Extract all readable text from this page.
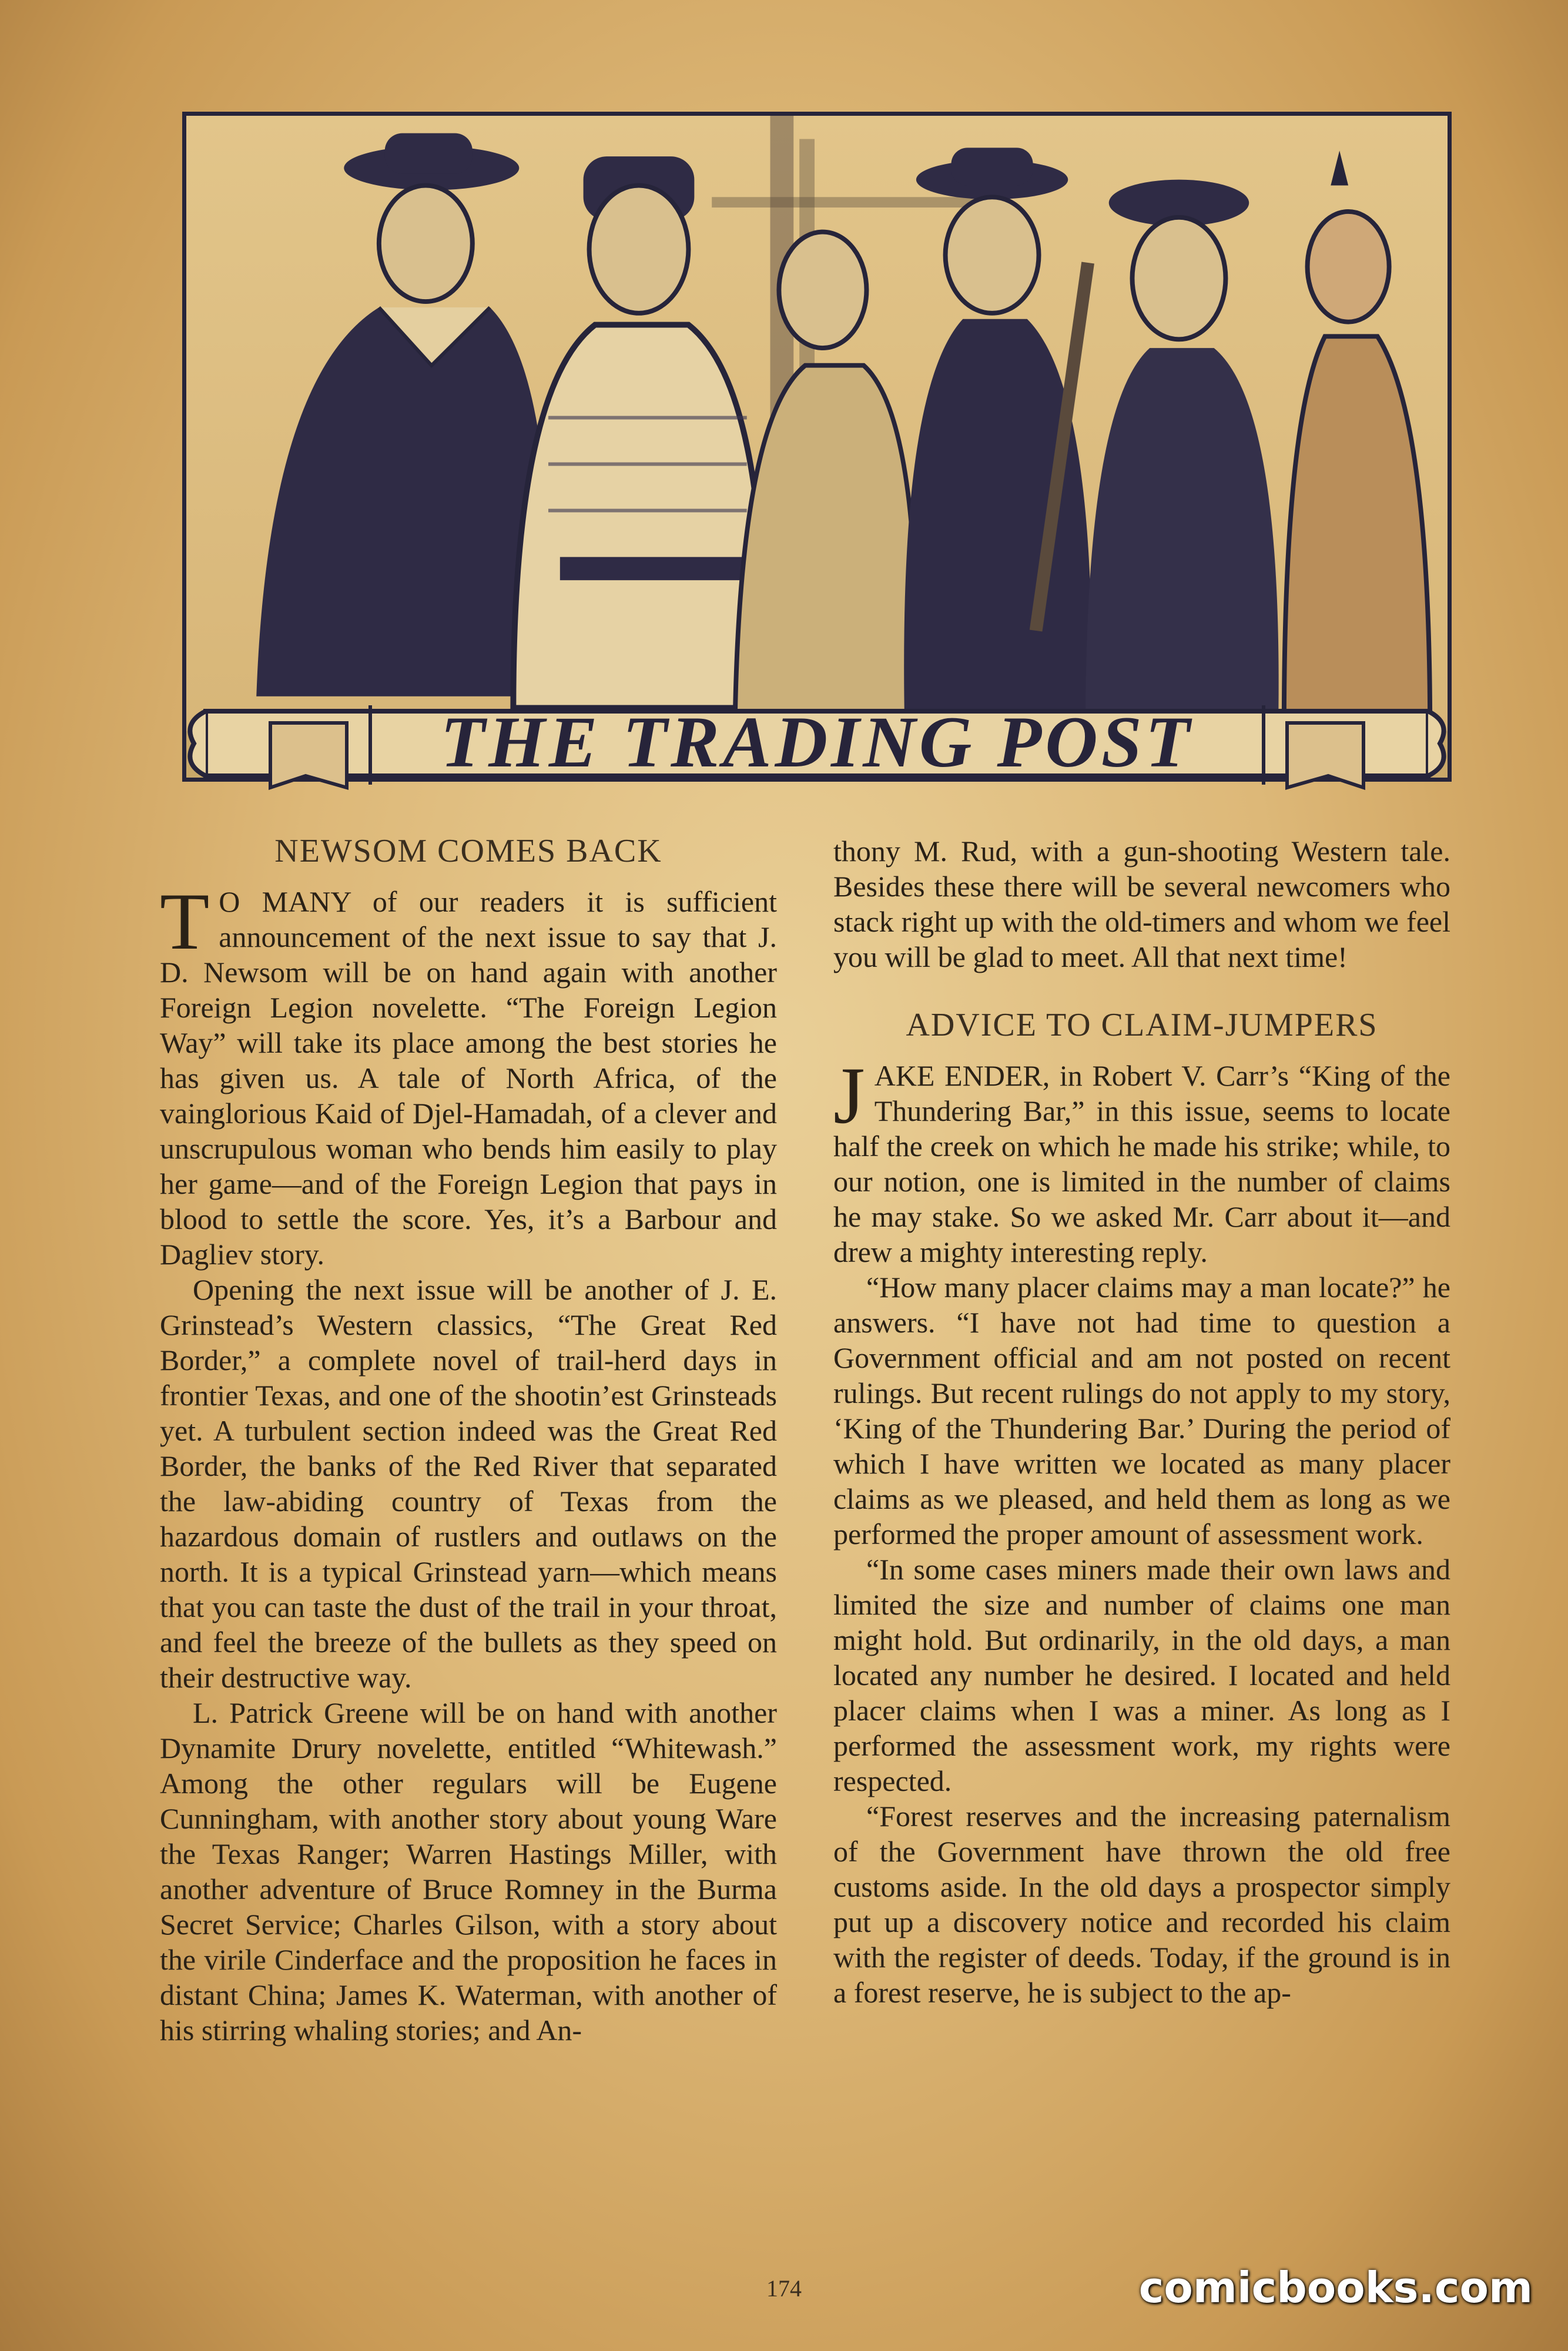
THE TRADING POST
NEWSOM COMES BACK

T O MANY of our readers it is sufficient announcement of the next issue to say that J. D. Newsom will be on hand again with another Foreign Legion novelette. “The Foreign Legion Way” will take its place among the best stories he has given us. A tale of North Africa, of the vainglorious Kaid of Djel-Hamadah, of a clever and unscrupulous woman who bends him easily to play her game—and of the Foreign Legion that pays in blood to settle the score. Yes, it’s a Barbour and Dagliev story.

Opening the next issue will be another of J. E. Grinstead’s Western classics, “The Great Red Border,” a complete novel of trail-herd days in frontier Texas, and one of the shootin’est Grinsteads yet. A turbulent section indeed was the Great Red Border, the banks of the Red River that separated the law-abiding country of Texas from the hazardous domain of rustlers and outlaws on the north. It is a typical Grinstead yarn—which means that you can taste the dust of the trail in your throat, and feel the breeze of the bullets as they speed on their destructive way.

L. Patrick Greene will be on hand with another Dynamite Drury novelette, entitled “Whitewash.” Among the other regulars will be Eugene Cunningham, with another story about young Ware the Texas Ranger; Warren Hastings Miller, with another adventure of Bruce Romney in the Burma Secret Service; Charles Gilson, with a story about the virile Cinderface and the proposition he faces in distant China; James K. Waterman, with another of his stirring whaling stories; and An-

thony M. Rud, with a gun-shooting Western tale. Besides these there will be several newcomers who stack right up with the old-timers and whom we feel you will be glad to meet. All that next time!

ADVICE TO CLAIM-JUMPERS

JAKE ENDER, in Robert V. Carr’s “King of the Thundering Bar,” in this issue, seems to locate half the creek on which he made his strike; while, to our notion, one is limited in the number of claims he may stake. So we asked Mr. Carr about it—and drew a mighty interesting reply.

“How many placer claims may a man locate?” he answers. “I have not had time to question a Government official and am not posted on recent rulings. But recent rulings do not apply to my story, ‘King of the Thundering Bar.’ During the period of which I have written we located as many placer claims as we pleased, and held them as long as we performed the proper amount of assessment work.

“In some cases miners made their own laws and limited the size and number of claims one man might hold. But ordinarily, in the old days, a man located any number he desired. I located and held placer claims when I was a miner. As long as I performed the assessment work, my rights were respected.

“Forest reserves and the increasing paternalism of the Government have thrown the old free customs aside. In the old days a prospector simply put up a discovery notice and recorded his claim with the register of deeds. Today, if the ground is in a forest reserve, he is subject to the ap-

174	comicbooks.com
